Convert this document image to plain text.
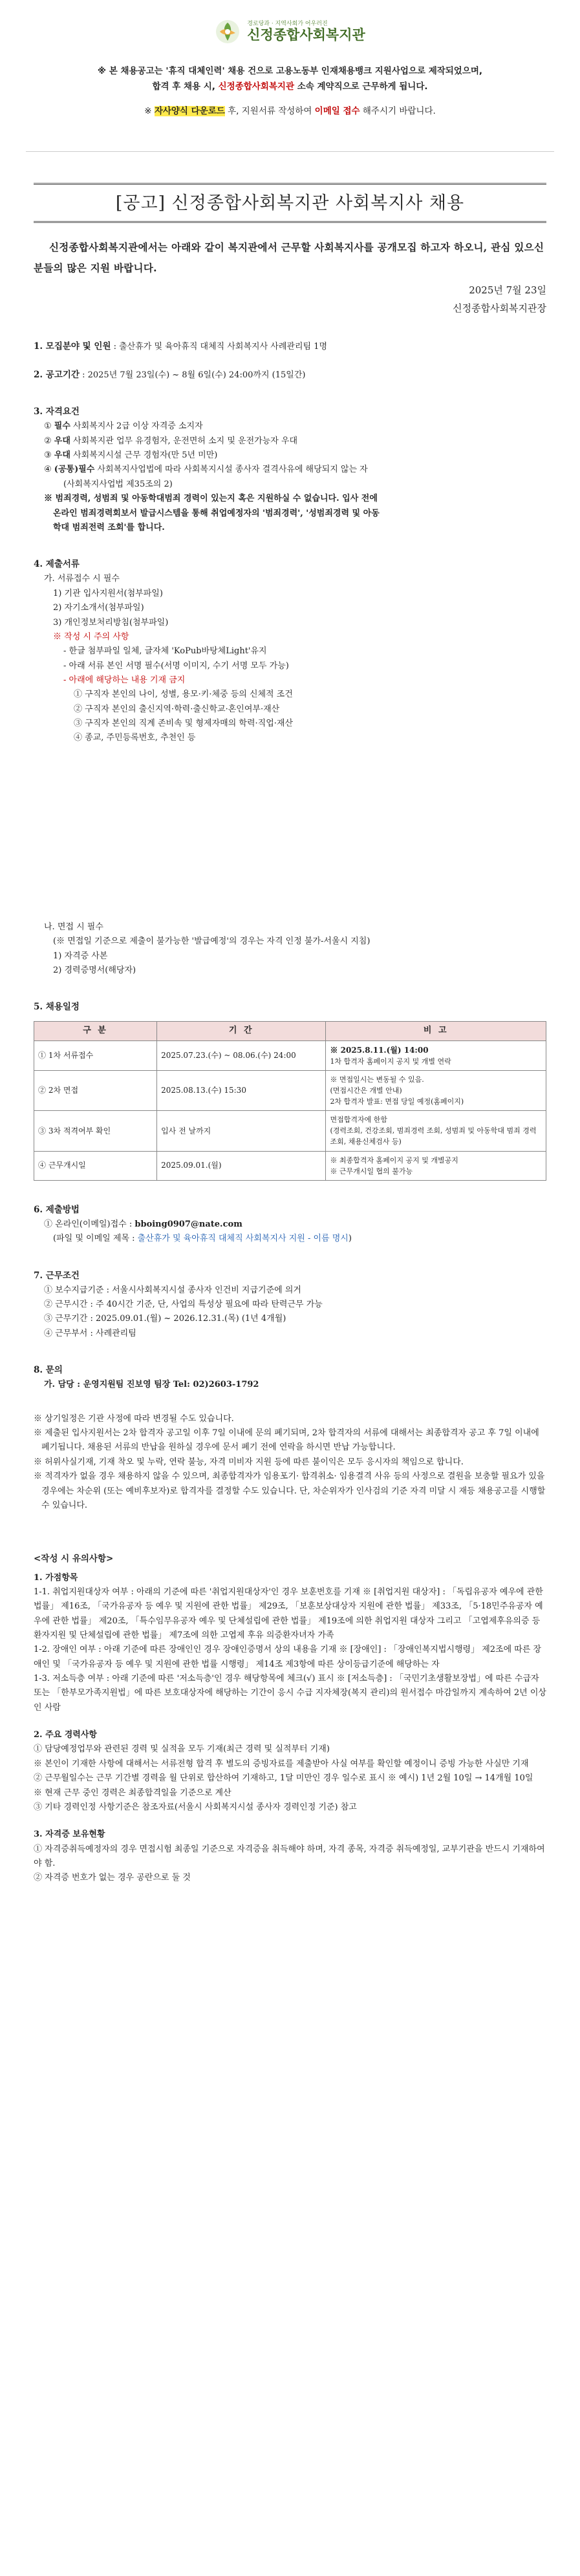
경로당과 · 지역사회가 어우러진
신정종합사회복지관
※ 본 채용공고는 '휴직 대체인력' 채용 건으로 고용노동부 인재채용뱅크 지원사업으로 제작되었으며,
합격 후 채용 시, 신정종합사회복지관 소속 계약직으로 근무하게 됩니다.
※ 자사양식 다운로드 후, 지원서류 작성하여 이메일 접수 해주시기 바랍니다.
[공고] 신정종합사회복지관 사회복지사 채용
신정종합사회복지관에서는 아래와 같이 복지관에서 근무할 사회복지사를 공개모집 하고자 하오니, 관심 있으신 분들의 많은 지원 바랍니다.
2025년 7월 23일
신정종합사회복지관장
1. 모집분야 및 인원 : 출산휴가 및 육아휴직 대체직 사회복지사 사례관리팀 1명
2. 공고기간 : 2025년 7월 23일(수) ~ 8월 6일(수) 24:00까지 (15일간)
3. 자격요건
① 필수 사회복지사 2급 이상 자격증 소지자
② 우대 사회복지관 업무 유경험자, 운전면허 소지 및 운전가능자 우대
③ 우대 사회복지시설 근무 경험자(만 5년 미만)
④ (공통)필수 사회복지사업법에 따라 사회복지시설 종사자 결격사유에 해당되지 않는 자
(사회복지사업법 제35조의 2)
※ 범죄경력, 성범죄 및 아동학대범죄 경력이 있는지 혹은 지원하실 수 없습니다. 입사 전에
온라인 범죄경력회보서 발급시스템을 통해 취업예정자의 '범죄경력', '성범죄경력 및 아동
학대 범죄전력 조회'를 합니다.
4. 제출서류
가. 서류접수 시 필수
1) 기관 입사지원서(첨부파일)
2) 자기소개서(첨부파일)
3) 개인정보처리방침(첨부파일)
※ 작성 시 주의 사항
- 한글 첨부파일 일체, 글자체 'KoPub바탕체Light'유지
- 아래 서류 본인 서명 필수(서명 이미지, 수기 서명 모두 가능)
- 아래에 해당하는 내용 기재 금지
① 구직자 본인의 나이, 성별, 용모·키·체중 등의 신체적 조건
② 구직자 본인의 출신지역·학력·출신학교·혼인여부·재산
③ 구직자 본인의 직계 존비속 및 형제자매의 학력·직업·재산
④ 종교, 주민등록번호, 추천인 등
나. 면접 시 필수
(※ 면접일 기준으로 제출이 불가능한 '발급예정'의 경우는 자격 인정 불가-서울시 지침)
1) 자격증 사본
2) 경력증명서(해당자)
5. 채용일정
구 분	기 간	비 고
① 1차 서류접수	2025.07.23.(수) ~ 08.06.(수) 24:00	※ 2025.8.11.(월) 14:00
1차 합격자 홈페이지 공지 및 개별 연락

② 2차 면접	2025.08.13.(수) 15:30	※ 면접일시는 변동될 수 있음.
(면접시간은 개별 안내)
2차 합격자 발표: 면접 당일 예정(홈페이지)

③ 3차 적격여부 확인	입사 전 날까지	면접합격자에 한함
(경력조회, 건강조회, 범죄경력 조회, 성범죄 및 아동학대 범죄 경력조회, 채용신체검사 등)

④ 근무개시일	2025.09.01.(월)	※ 최종합격자 홈페이지 공지 및 개별공지
※ 근무개시일 협의 불가능
6. 제출방법
① 온라인(이메일)접수 : bboing0907@nate.com
(파일 및 이메일 제목 : 출산휴가 및 육아휴직 대체직 사회복지사 지원 - 이름 명시)
7. 근무조건
① 보수지급기준 : 서울시사회복지시설 종사자 인건비 지급기준에 의거
② 근무시간 : 주 40시간 기준, 단, 사업의 특성상 필요에 따라 탄력근무 가능
③ 근무기간 : 2025.09.01.(월) ~ 2026.12.31.(목) (1년 4개월)
④ 근무부서 : 사례관리팀
8. 문의
가. 담당 : 운영지원팀 진보영 팀장 Tel: 02)2603-1792
※ 상기일정은 기관 사정에 따라 변경될 수도 있습니다.
※ 제출된 입사지원서는 2차 합격자 공고일 이후 7일 이내에 문의 폐기되며, 2차 합격자의 서류에 대해서는 최종합격자 공고 후 7일 이내에 폐기됩니다. 채용된 서류의 반납을 원하실 경우에 문서 폐기 전에 연락을 하시면 반납 가능합니다.
※ 허위사실기재, 기재 착오 및 누락, 연락 불능, 자격 미비자 지원 등에 따른 불이익은 모두 응시자의 책임으로 합니다.
※ 적격자가 없을 경우 채용하지 않을 수 있으며, 최종합격자가 임용포기· 합격취소· 임용결격 사유 등의 사정으로 결원을 보충할 필요가 있을 경우에는 차순위 (또는 예비후보자)로 합격자를 결정할 수도 있습니다. 단, 차순위자가 인사검의 기준 자격 미달 시 재등 채용공고를 시행할 수 있습니다.
<작성 시 유의사항>
1. 가점항목
1-1. 취업지원대상자 여부 : 아래의 기준에 따른 '취업지원대상자'인 경우 보훈번호를 기재 ※ [취업지원 대상자] : 「독립유공자 예우에 관한 법률」 제16조, 「국가유공자 등 예우 및 지원에 관한 법률」 제29조, 「보훈보상대상자 지원에 관한 법률」 제33조, 「5·18민주유공자 예우에 관한 법률」 제20조, 「특수임무유공자 예우 및 단체설립에 관한 법률」 제19조에 의한 취업지원 대상자 그리고 「고엽제후유의증 등 환자지원 및 단체설립에 관한 법률」 제7조에 의한 고엽제 후유 의증환자녀자 가족
1-2. 장애인 여부 : 아래 기준에 따른 장애인인 경우 장애인증명서 상의 내용을 기재 ※ [장애인] : 「장애인복지법시행령」 제2조에 따른 장애인 및 「국가유공자 등 예우 및 지원에 관한 법률 시행령」 제14조 제3항에 따른 상이등급기준에 해당하는 자
1-3. 저소득층 여부 : 아래 기준에 따른 '저소득층'인 경우 해당항목에 체크(√) 표시 ※ [저소득층] : 「국민기초생활보장법」에 따른 수급자 또는 「한부모가족지원법」에 따른 보호대상자에 해당하는 기간이 응시 수급 지자체장(복지 관리)의 원서접수 마감일까지 계속하여 2년 이상인 사람
2. 주요 경력사항
① 담당예정업무와 관련된 경력 및 실적을 모두 기재(최근 경력 및 실적부터 기재)
※ 본인이 기재한 사항에 대해서는 서류전형 합격 후 별도의 증빙자료를 제출받아 사실 여부를 확인할 예정이니 증빙 가능한 사실만 기재
② 근무월일수는 근무 기간별 경력을 월 단위로 합산하여 기재하고, 1달 미만인 경우 일수로 표시 ※ 예시) 1년 2월 10일 → 14개월 10일
※ 현재 근무 중인 경력은 최종합격일을 기준으로 계산
③ 기타 경력인정 사항기준은 참조자료(서울시 사회복지시설 종사자 경력인정 기준) 참고
3. 자격증 보유현황
① 자격증취득예정자의 경우 면접시험 최종일 기준으로 자격증을 취득해야 하며, 자격 종목, 자격증 취득예정일, 교부기관을 반드시 기재하여야 함.
② 자격증 번호가 없는 경우 공란으로 둘 것
